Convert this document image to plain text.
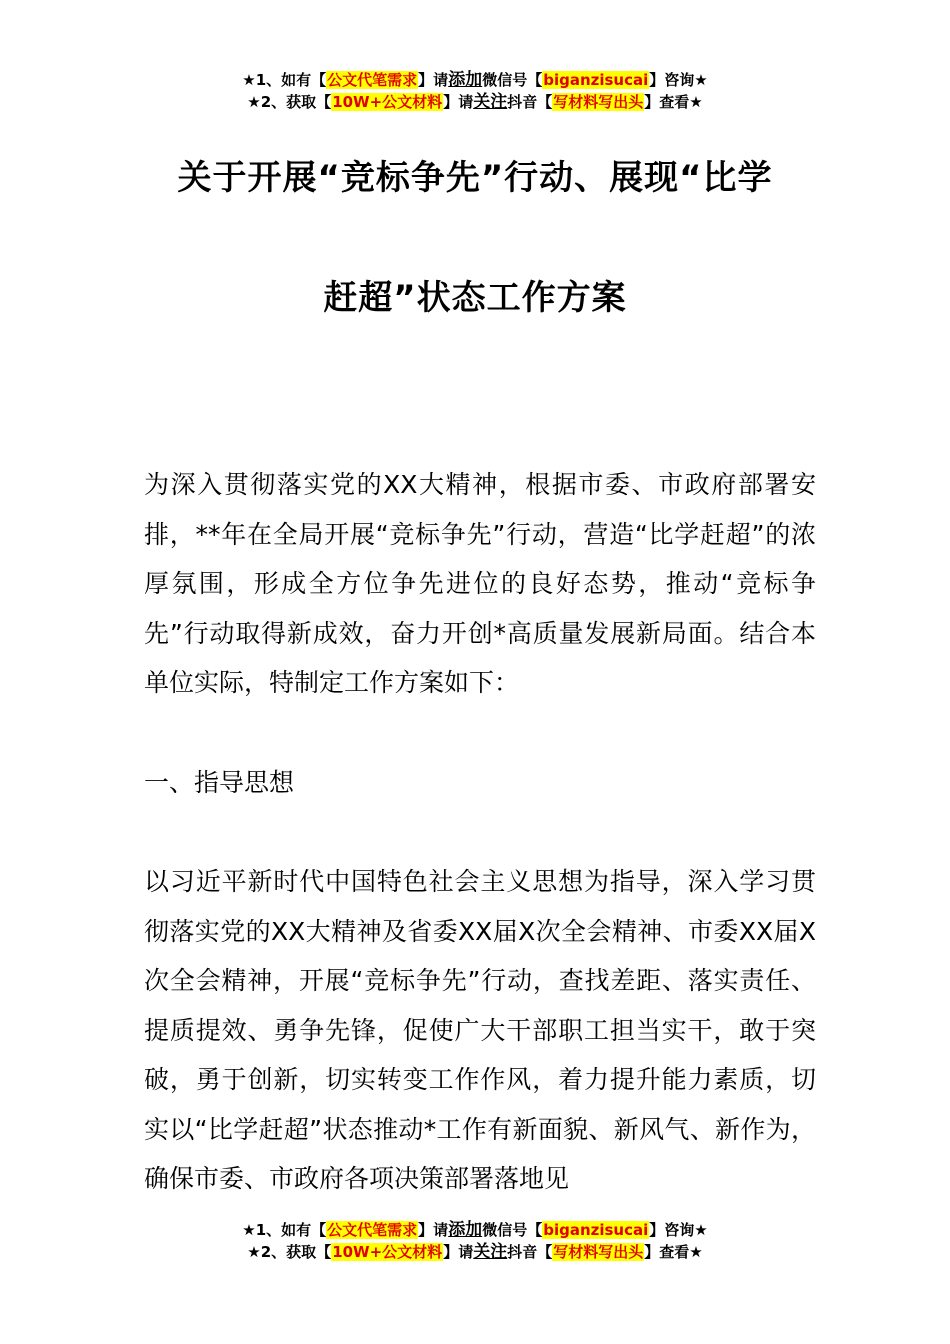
★1、如有【公文代笔需求】请添加微信号【biganzisucai】咨询★
★2、获取【10W+公文材料】请关注抖音【写材料写出头】查看★
关于开展“竞标争先”行动、展现“比学
赶超”状态工作方案
为深入贯彻落实党的XX大精神，根据市委、市政府部署安排，**年在全局开展“竞标争先”行动，营造“比学赶超”的浓厚氛围，形成全方位争先进位的良好态势，推动“竞标争先”行动取得新成效，奋力开创*高质量发展新局面。结合本单位实际，特制定工作方案如下：
一、指导思想
以习近平新时代中国特色社会主义思想为指导，深入学习贯彻落实党的XX大精神及省委XX届X次全会精神、市委XX届X次全会精神，开展“竞标争先”行动，查找差距、落实责任、提质提效、勇争先锋，促使广大干部职工担当实干，敢于突破，勇于创新，切实转变工作作风，着力提升能力素质，切实以“比学赶超”状态推动*工作有新面貌、新风气、新作为，确保市委、市政府各项决策部署落地见
★1、如有【公文代笔需求】请添加微信号【biganzisucai】咨询★
★2、获取【10W+公文材料】请关注抖音【写材料写出头】查看★
